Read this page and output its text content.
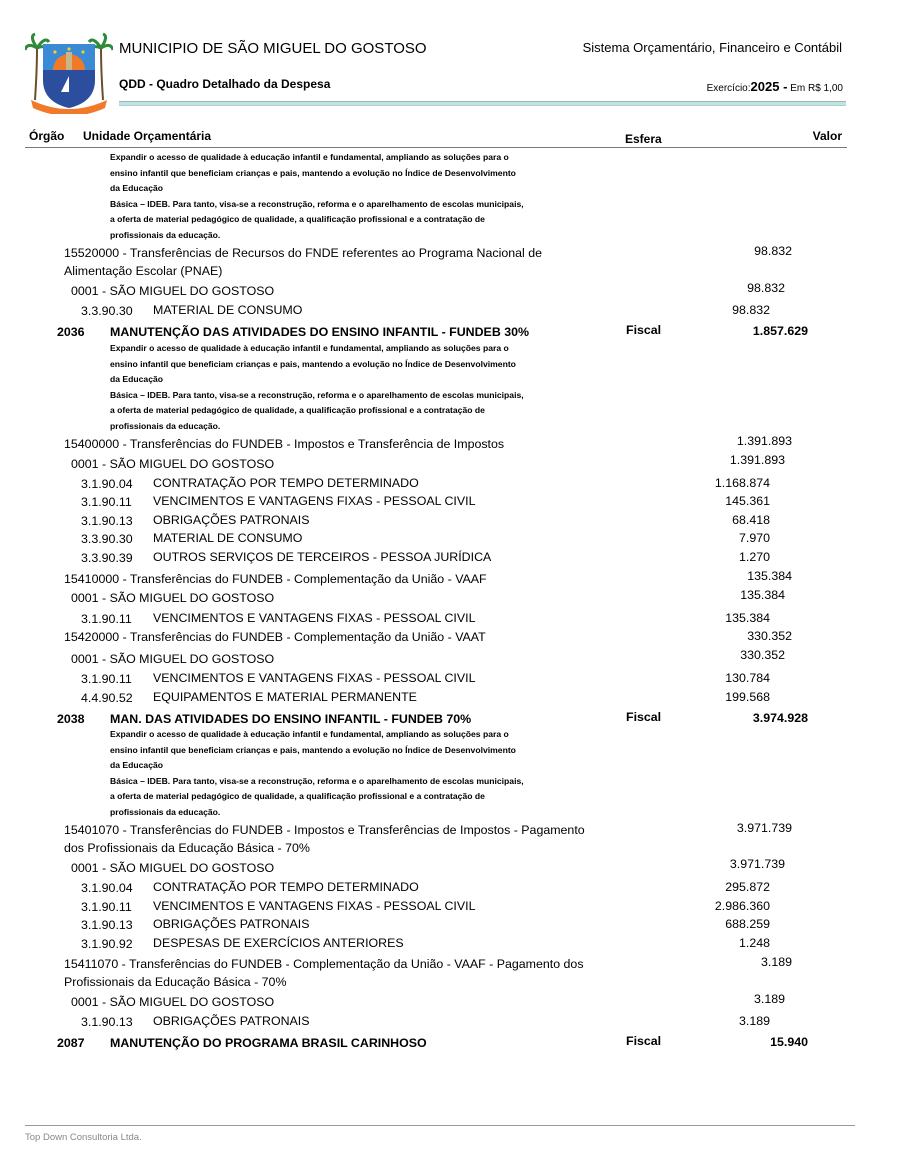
MUNICIPIO DE SÃO MIGUEL DO GOSTOSO	Sistema Orçamentário, Financeiro e Contábil
QDD - Quadro Detalhado da Despesa	Exercício:2025 - Em R$ 1,00
Órgão Unidade Orçamentária	Esfera	Valor
Expandir o acesso de qualidade à educação infantil e fundamental, ampliando as soluções para o
ensino infantil que beneficiam crianças e pais, mantendo a evolução no Índice de Desenvolvimento
da Educação
Básica – IDEB. Para tanto, visa-se a reconstrução, reforma e o aparelhamento de escolas municipais,
a oferta de material pedagógico de qualidade, a qualificação profissional e a contratação de
profissionais da educação.
15520000 - Transferências de Recursos do FNDE referentes ao Programa Nacional de
Alimentação Escolar (PNAE)
98.832
0001 - SÃO MIGUEL DO GOSTOSO	98.832
3.3.90.30 MATERIAL DE CONSUMO	98.832
2036 MANUTENÇÃO DAS ATIVIDADES DO ENSINO INFANTIL - FUNDEB 30%	Fiscal	1.857.629
Expandir o acesso de qualidade à educação infantil e fundamental, ampliando as soluções para o
ensino infantil que beneficiam crianças e pais, mantendo a evolução no Índice de Desenvolvimento
da Educação
Básica – IDEB. Para tanto, visa-se a reconstrução, reforma e o aparelhamento de escolas municipais,
a oferta de material pedagógico de qualidade, a qualificação profissional e a contratação de
profissionais da educação.
15400000 - Transferências do FUNDEB - Impostos e Transferência de Impostos	1.391.893
0001 - SÃO MIGUEL DO GOSTOSO	1.391.893
3.1.90.04 CONTRATAÇÃO POR TEMPO DETERMINADO	1.168.874
3.1.90.11 VENCIMENTOS E VANTAGENS FIXAS - PESSOAL CIVIL	145.361
3.1.90.13 OBRIGAÇÕES PATRONAIS	68.418
3.3.90.30 MATERIAL DE CONSUMO	7.970
3.3.90.39 OUTROS SERVIÇOS DE TERCEIROS - PESSOA JURÍDICA	1.270
15410000 - Transferências do FUNDEB - Complementação da União - VAAF	135.384
0001 - SÃO MIGUEL DO GOSTOSO	135.384
3.1.90.11 VENCIMENTOS E VANTAGENS FIXAS - PESSOAL CIVIL	135.384
15420000 - Transferências do FUNDEB - Complementação da União - VAAT	330.352
0001 - SÃO MIGUEL DO GOSTOSO	330.352
3.1.90.11 VENCIMENTOS E VANTAGENS FIXAS - PESSOAL CIVIL	130.784
4.4.90.52 EQUIPAMENTOS E MATERIAL PERMANENTE	199.568
2038 MAN. DAS ATIVIDADES DO ENSINO INFANTIL - FUNDEB 70%	Fiscal	3.974.928
Expandir o acesso de qualidade à educação infantil e fundamental, ampliando as soluções para o
ensino infantil que beneficiam crianças e pais, mantendo a evolução no Índice de Desenvolvimento
da Educação
Básica – IDEB. Para tanto, visa-se a reconstrução, reforma e o aparelhamento de escolas municipais,
a oferta de material pedagógico de qualidade, a qualificação profissional e a contratação de
profissionais da educação.
15401070 - Transferências do FUNDEB - Impostos e Transferências de Impostos - Pagamento
dos Profissionais da Educação Básica - 70%
3.971.739
0001 - SÃO MIGUEL DO GOSTOSO	3.971.739
3.1.90.04 CONTRATAÇÃO POR TEMPO DETERMINADO	295.872
3.1.90.11 VENCIMENTOS E VANTAGENS FIXAS - PESSOAL CIVIL	2.986.360
3.1.90.13 OBRIGAÇÕES PATRONAIS	688.259
3.1.90.92 DESPESAS DE EXERCÍCIOS ANTERIORES	1.248
15411070 - Transferências do FUNDEB - Complementação da União - VAAF - Pagamento dos
Profissionais da Educação Básica - 70%
3.189
0001 - SÃO MIGUEL DO GOSTOSO	3.189
3.1.90.13 OBRIGAÇÕES PATRONAIS	3.189
2087 MANUTENÇÃO DO PROGRAMA BRASIL CARINHOSO	Fiscal	15.940
Top Down Consultoria Ltda.
